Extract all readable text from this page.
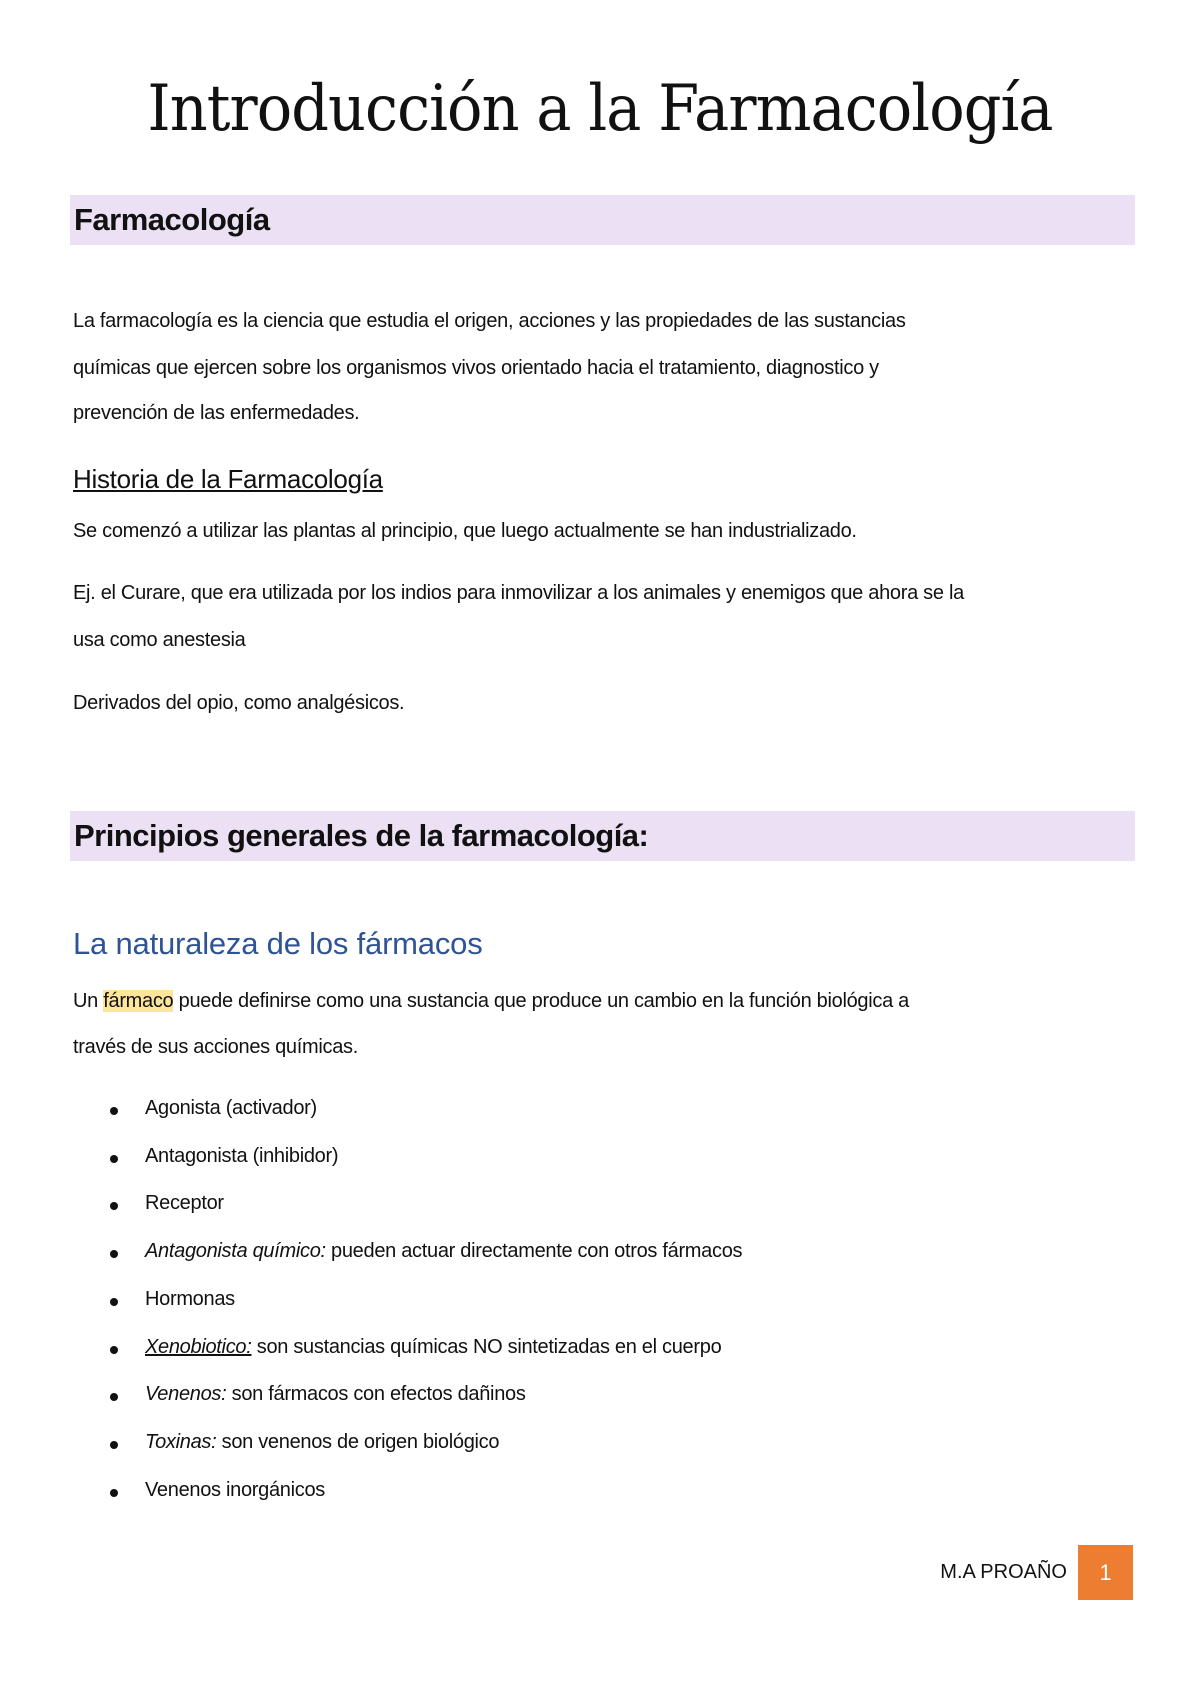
Introducción a la Farmacología
Farmacología
La farmacología es la ciencia que estudia el origen, acciones y las propiedades de las sustancias
químicas que ejercen sobre los organismos vivos orientado hacia el tratamiento, diagnostico y
prevención de las enfermedades.
Historia de la Farmacología
Se comenzó a utilizar las plantas al principio, que luego actualmente se han industrializado.
Ej. el Curare, que era utilizada por los indios para inmovilizar a los animales y enemigos que ahora se la
usa como anestesia
Derivados del opio, como analgésicos.
Principios generales de la farmacología:
La naturaleza de los fármacos
Un fármaco puede definirse como una sustancia que produce un cambio en la función biológica a
través de sus acciones químicas.
Agonista (activador)
Antagonista (inhibidor)
Receptor
Antagonista químico: pueden actuar directamente con otros fármacos
Hormonas
Xenobiotico: son sustancias químicas NO sintetizadas en el cuerpo
Venenos: son fármacos con efectos dañinos
Toxinas: son venenos de origen biológico
Venenos inorgánicos
M.A PROAÑO	1
